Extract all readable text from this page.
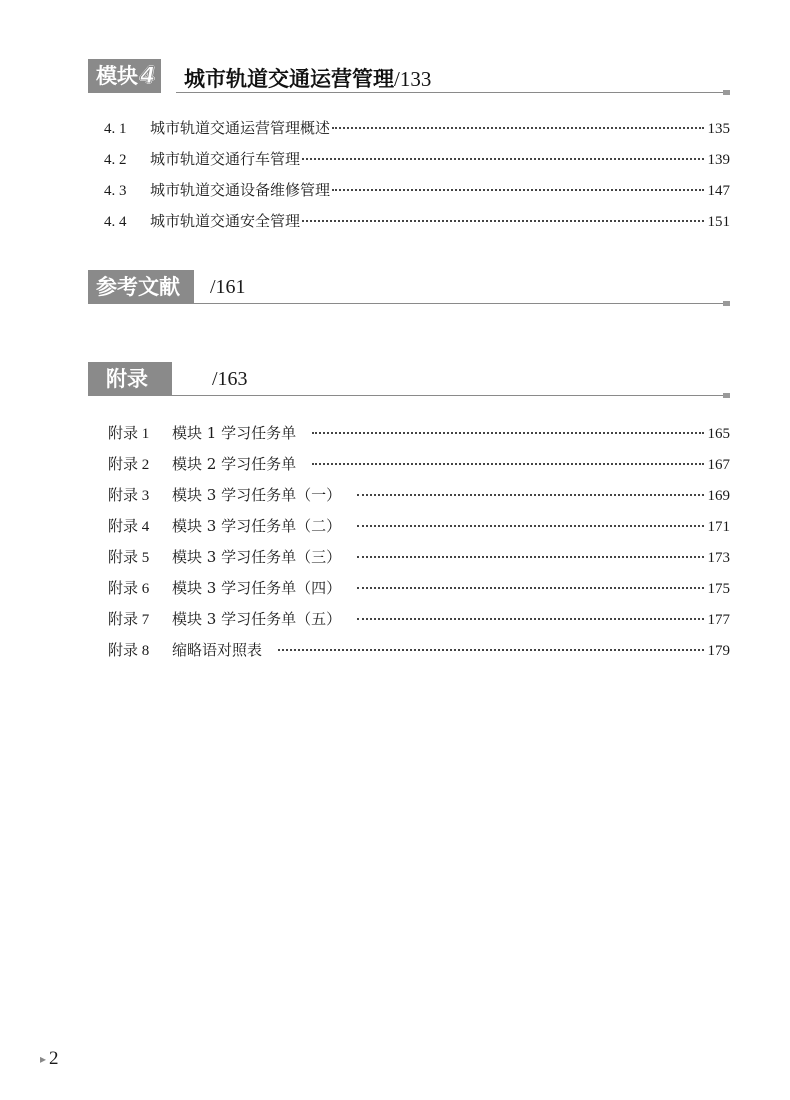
模块4 城市轨道交通运营管理/133
4. 1	城市轨道交通运营管理概述	135
4. 2	城市轨道交通行车管理	139
4. 3	城市轨道交通设备维修管理	147
4. 4	城市轨道交通安全管理	151
参考文献	/161
附录	/163
附录 1	模块 1 学习任务单	165
附录 2	模块 2 学习任务单	167
附录 3	模块 3 学习任务单（一）	169
附录 4	模块 3 学习任务单（二）	171
附录 5	模块 3 学习任务单（三）	173
附录 6	模块 3 学习任务单（四）	175
附录 7	模块 3 学习任务单（五）	177
附录 8	缩略语对照表	179
▸ 2
